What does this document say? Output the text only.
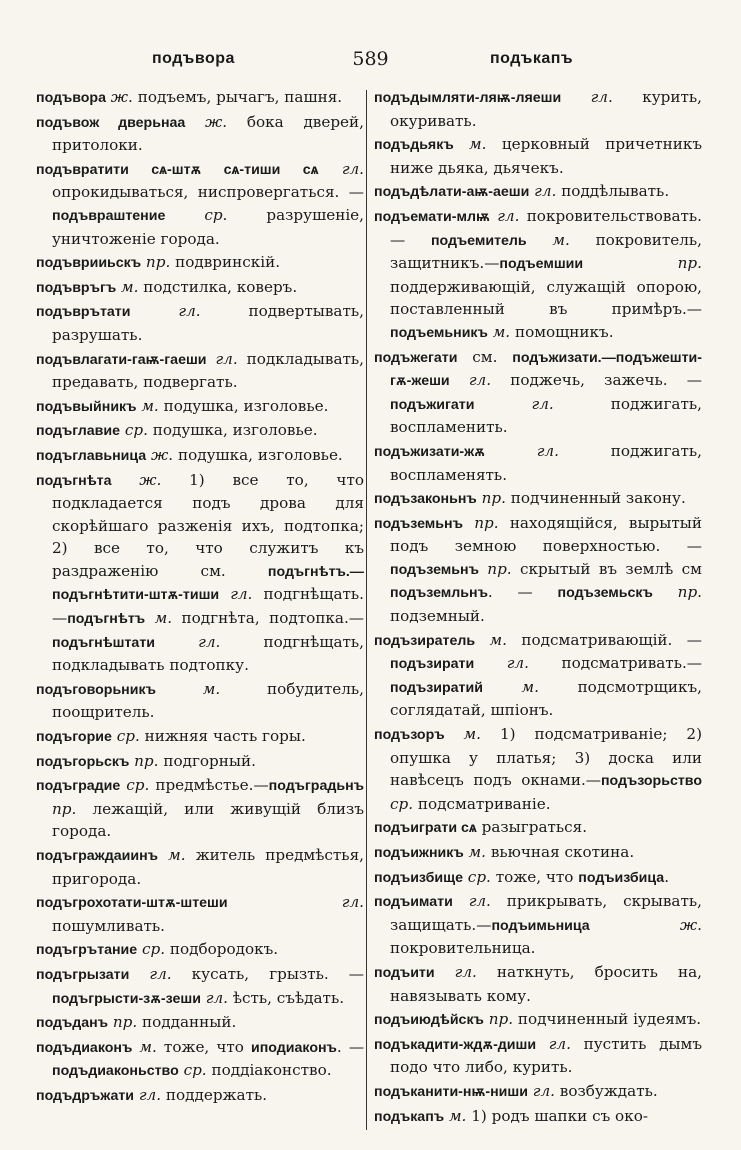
подъвора	589	подъкапъ

подъвора ж. подъемъ, рычагъ, пашня.

подъвож дверьнаа ж. бока дверей, притолоки.

подъвратити сѧ-штѫ сѧ-тиши сѧ гл. опрокидываться, ниспровергаться. —подъвраштение ср. разрушеніе, уничтоженіе города.

подъврииьскъ пр. подвринскій.

подъвръгъ м. подстилка, коверъ.

подъврътати гл. подвертывать, разрушать.

подъвлагати-гаѭ-гаеши гл. подкладывать, предавать, подвергать.

подъвыйникъ м. подушка, изголовье.

подъглавие ср. подушка, изголовье.

подъглавьница ж. подушка, изголовье.

подъгнѣта ж. 1) все то, что подкладается подъ дрова для скорѣйшаго разженія ихъ, подтопка; 2) все то, что служитъ къ раздраженію см. подъгнѣтъ.—подъгнѣтити-штѫ-тиши гл. подгнѣщать.—подъгнѣтъ м. подгнѣта, подтопка.—подъгнѣштати гл. подгнѣщать, подкладывать подтопку.

подъговорьникъ м. побудитель, поощритель.

подъгорие ср. нижняя часть горы.

подъгорьскъ пр. подгорный.

подъградие ср. предмѣстье.—подъградьнъ пр. лежащій, или живущій близъ города.

подъграждаиинъ м. житель предмѣстья, пригорода.

подъгрохотати-штѫ-штеши гл. пошумливать.

подъгрътание ср. подбородокъ.

подъгрызати гл. кусать, грызть. — подъгрысти-зѫ-зеши гл. ѣсть, съѣдать.

подъданъ пр. подданный.

подъдиаконъ м. тоже, что иподиаконъ. — подъдиаконьство ср. поддіаконство.

подъдръжати гл. поддержать.

подъдымляти-ляѭ-ляеши гл. курить, окуривать.

подъдьякъ м. церковный причетникъ ниже дьяка, дьячекъ.

подъдѣлати-аѭ-аеши гл. поддѣлывать.

подъемати-млѭ гл. покровительствовать. — подъемитель м. покровитель, защитникъ.—подъемшии пр. поддерживающій, служащій опорою, поставленный въ примѣръ.— подъемьникъ м. помощникъ.

подъжегати см. подъжизати.—подъжешти-гѫ-жеши гл. поджечь, зажечь. — подъжигати гл. поджигать, воспламенить.

подъжизати-жѫ гл. поджигать, воспламенять.

подъзаконьнъ пр. подчиненный закону.

подъземьнъ пр. находящійся, вырытый подъ земною поверхностью. — подъземьнъ пр. скрытый въ землѣ см подъземльнъ. — подъземьскъ пр. подземный.

подъзиратель м. подсматривающій. —подъзирати гл. подсматривать.— подъзиратий м. подсмотрщикъ, соглядатай, шпіонъ.

подъзоръ м. 1) подсматриваніе; 2) опушка у платья; 3) доска или навѣсецъ подъ окнами.—подъзорьство ср. подсматриваніе.

подъиграти сѧ разыграться.

подъижникъ м. вьючная скотина.

подъизбище ср. тоже, что подъизбица.

подъимати гл. прикрывать, скрывать, защищать.—подъимьница ж. покровительница.

подъити гл. наткнуть, бросить на, навязывать кому.

подъиюдѣйскъ пр. подчиненный іудеямъ.

подъкадити-ждѫ-диши гл. пустить дымъ подо что либо, курить.

подъканити-нѭ-ниши гл. возбуждать.

подъкапъ м. 1) родъ шапки съ око-
